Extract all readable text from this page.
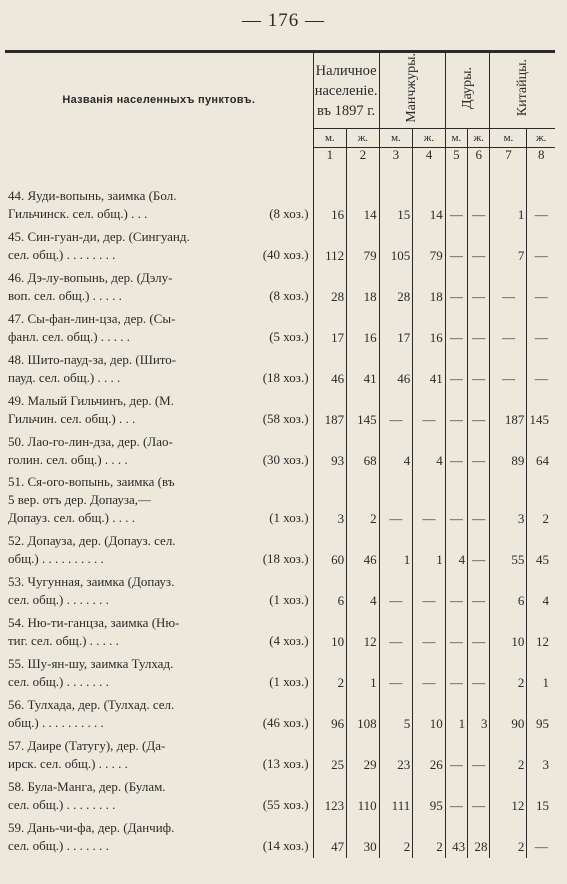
— 176 —
Названія населенныхъ пунктовъ.	Наличное
населеніе.
въ 1897 г.		Манчжуры.		Дауры.		Китайцы.	
	м.	ж.	м.	ж.	м.	ж.	м.	ж.
	1	2	3	4	5	6	7	8

44. Яуди-вопынь, заимка (Бол.
Гильчинск. сел. общ.) . . . (8 хоз.)	16	14	15	14	—	—	1	—

45. Син-гуан-ди, дер. (Сингуанд.
сел. общ.) . . . . . . . . (40 хоз.)	112	79	105	79	—	—	7	—

46. Дэ-лу-вопынь, дер. (Дэлу-
воп. сел. общ.) . . . . . (8 хоз.)	28	18	28	18	—	—	—	—

47. Сы-фан-лин-цза, дер. (Сы-
фанл. сел. общ.) . . . . . (5 хоз.)	17	16	17	16	—	—	—	—

48. Шито-пауд-за, дер. (Шито-
пауд. сел. общ.) . . . . (18 хоз.)	46	41	46	41	—	—	—	—

49. Малый Гильчинъ, дер. (М.
Гильчин. сел. общ.) . . . (58 хоз.)	187	145	—	—	—	—	187	145

50. Лао-го-лин-дза, дер. (Лао-
голин. сел. общ.) . . . . (30 хоз.)	93	68	4	4	—	—	89	64

51. Ся-ого-вопынь, заимка (въ
5 вер. отъ дер. Допауза,—
Допауз. сел. общ.) . . . . (1 хоз.)	3	2	—	—	—	—	3	2

52. Допауза, дер. (Допауз. сел.
общ.) . . . . . . . . . . (18 хоз.)	60	46	1	1	4	—	55	45

53. Чугунная, заимка (Допауз.
сел. общ.) . . . . . . . (1 хоз.)	6	4	—	—	—	—	6	4

54. Ню-ти-ганцза, заимка (Ню-
тиг. сел. общ.) . . . . . (4 хоз.)	10	12	—	—	—	—	10	12

55. Шу-ян-шу, заимка Тулхад.
сел. общ.) . . . . . . . (1 хоз.)	2	1	—	—	—	—	2	1

56. Тулхада, дер. (Тулхад. сел.
общ.) . . . . . . . . . . (46 хоз.)	96	108	5	10	1	3	90	95

57. Даире (Татугу), дер. (Да-
ирск. сел. общ.) . . . . . (13 хоз.)	25	29	23	26	—	—	2	3

58. Була-Манга, дер. (Булам.
сел. общ.) . . . . . . . . (55 хоз.)	123	110	111	95	—	—	12	15

59. Дань-чи-фа, дер. (Данчиф.
сел. общ.) . . . . . . . (14 хоз.)	47	30	2	2	43	28	2	—
